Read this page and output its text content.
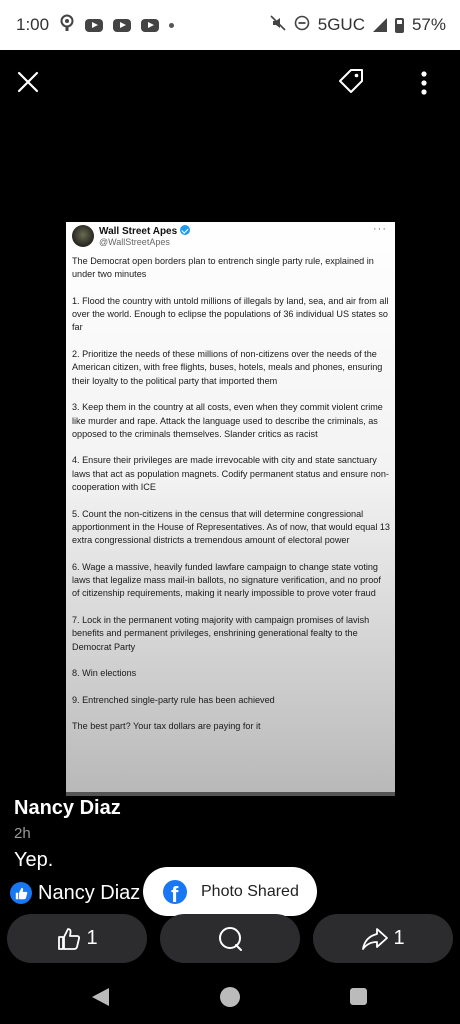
1:00	5GUC	57%
Wall Street Apes
@WallStreetApes
···

The Democrat open borders plan to entrench single party rule, explained in under two minutes

1. Flood the country with untold millions of illegals by land, sea, and air from all over the world. Enough to eclipse the populations of 36 individual US states so far

2. Prioritize the needs of these millions of non-citizens over the needs of the American citizen, with free flights, buses, hotels, meals and phones, ensuring their loyalty to the political party that imported them

3. Keep them in the country at all costs, even when they commit violent crime like murder and rape. Attack the language used to describe the criminals, as opposed to the criminals themselves. Slander critics as racist

4. Ensure their privileges are made irrevocable with city and state sanctuary laws that act as population magnets. Codify permanent status and ensure non-cooperation with ICE

5. Count the non-citizens in the census that will determine congressional apportionment in the House of Representatives. As of now, that would equal 13 extra congressional districts a tremendous amount of electoral power

6. Wage a massive, heavily funded lawfare campaign to change state voting laws that legalize mass mail-in ballots, no signature verification, and no proof of citizenship requirements, making it nearly impossible to prove voter fraud

7. Lock in the permanent voting majority with campaign promises of lavish benefits and permanent privileges, enshrining generational fealty to the Democrat Party

8. Win elections

9. Entrenched single-party rule has been achieved

The best part? Your tax dollars are paying for it

Nancy Diaz
2h
Yep.
Nancy Diaz f Photo Shared
1	1
